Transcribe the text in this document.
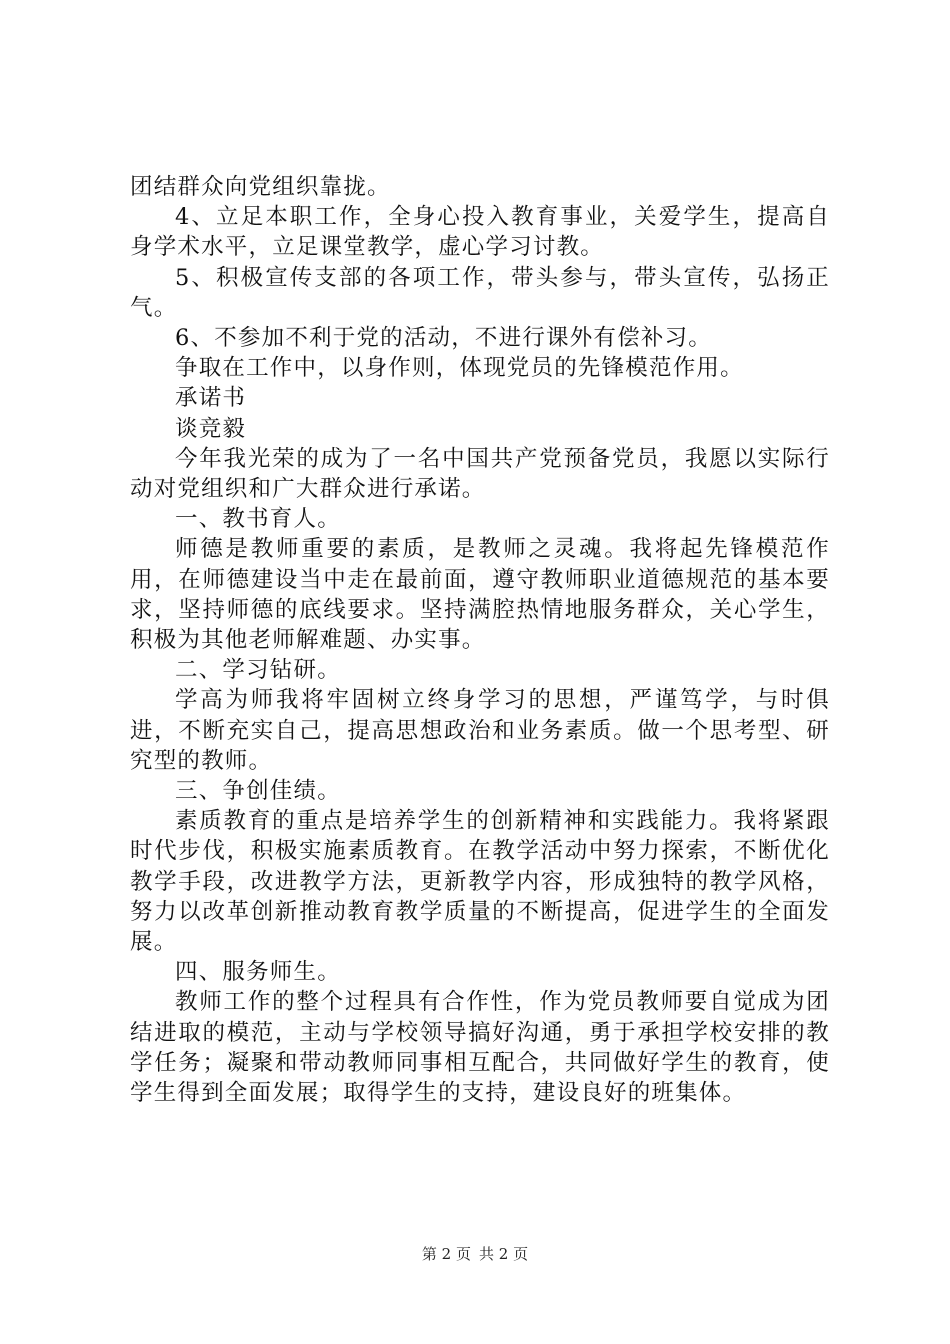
团结群众向党组织靠拢。

4、立足本职工作，全身心投入教育事业，关爱学生，提高自身学术水平，立足课堂教学，虚心学习讨教。

5、积极宣传支部的各项工作，带头参与，带头宣传，弘扬正气。

6、不参加不利于党的活动，不进行课外有偿补习。

争取在工作中，以身作则，体现党员的先锋模范作用。

承诺书

谈竞毅

今年我光荣的成为了一名中国共产党预备党员，我愿以实际行动对党组织和广大群众进行承诺。

一、教书育人。

师德是教师重要的素质，是教师之灵魂。我将起先锋模范作用，在师德建设当中走在最前面，遵守教师职业道德规范的基本要求，坚持师德的底线要求。坚持满腔热情地服务群众，关心学生，积极为其他老师解难题、办实事。

二、学习钻研。

学高为师我将牢固树立终身学习的思想，严谨笃学，与时俱进，不断充实自己，提高思想政治和业务素质。做一个思考型、研究型的教师。

三、争创佳绩。

素质教育的重点是培养学生的创新精神和实践能力。我将紧跟时代步伐，积极实施素质教育。在教学活动中努力探索，不断优化教学手段，改进教学方法，更新教学内容，形成独特的教学风格，努力以改革创新推动教育教学质量的不断提高，促进学生的全面发展。

四、服务师生。

教师工作的整个过程具有合作性，作为党员教师要自觉成为团结进取的模范，主动与学校领导搞好沟通，勇于承担学校安排的教学任务；凝聚和带动教师同事相互配合，共同做好学生的教育，使学生得到全面发展；取得学生的支持，建设良好的班集体。

第 2 页 共 2 页
